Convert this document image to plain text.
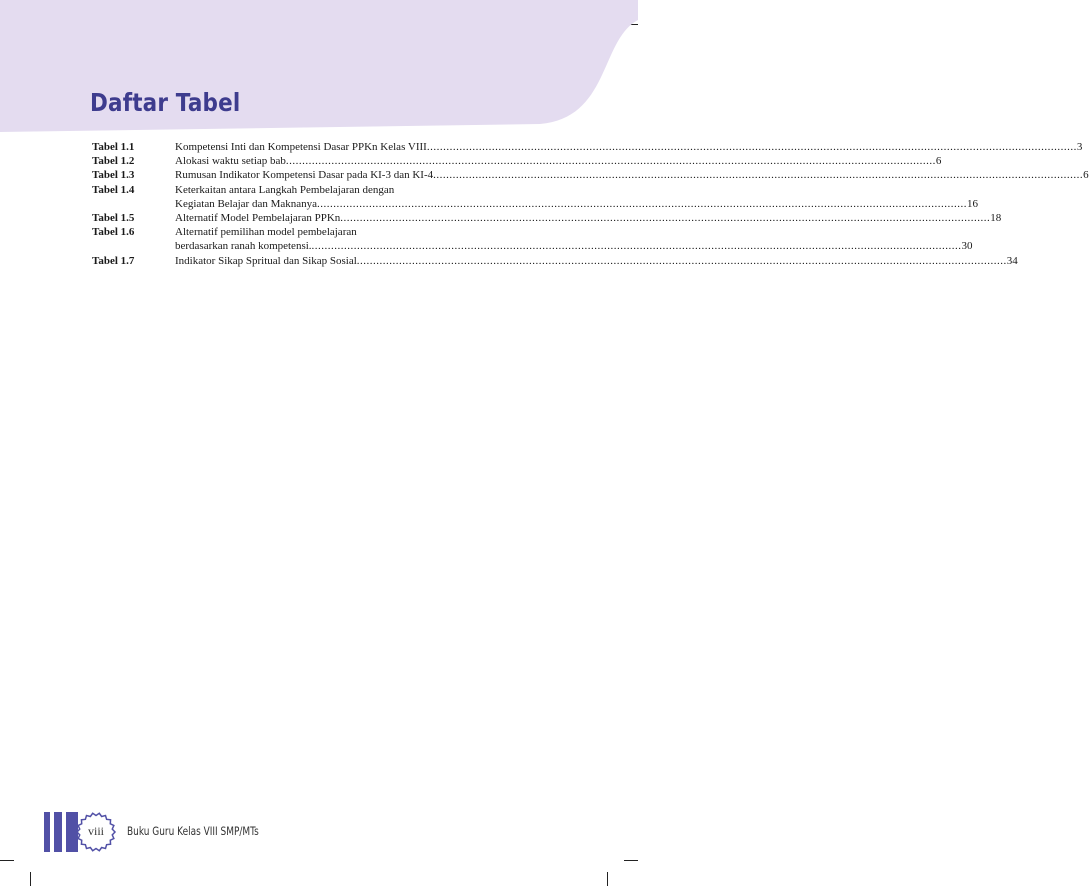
Daftar Tabel
Tabel 1.1	Kompetensi Inti dan Kompetensi Dasar PPKn Kelas VIII ........................................................................................................................................................................................................ 3
Tabel 1.2	Alokasi waktu setiap bab ........................................................................................................................................................................................................ 6
Tabel 1.3	Rumusan Indikator Kompetensi Dasar pada KI-3 dan KI-4 ........................................................................................................................................................................................................ 6
Tabel 1.4	Keterkaitan antara Langkah Pembelajaran dengan
Kegiatan Belajar dan Maknanya ........................................................................................................................................................................................................ 16
Tabel 1.5	Alternatif Model Pembelajaran PPKn ........................................................................................................................................................................................................ 18
Tabel 1.6	Alternatif pemilihan model pembelajaran
berdasarkan ranah kompetensi. ........................................................................................................................................................................................................ 30
Tabel 1.7	Indikator Sikap Spritual dan Sikap Sosial ........................................................................................................................................................................................................ 34
viii	Buku Guru Kelas VIII SMP/MTs
